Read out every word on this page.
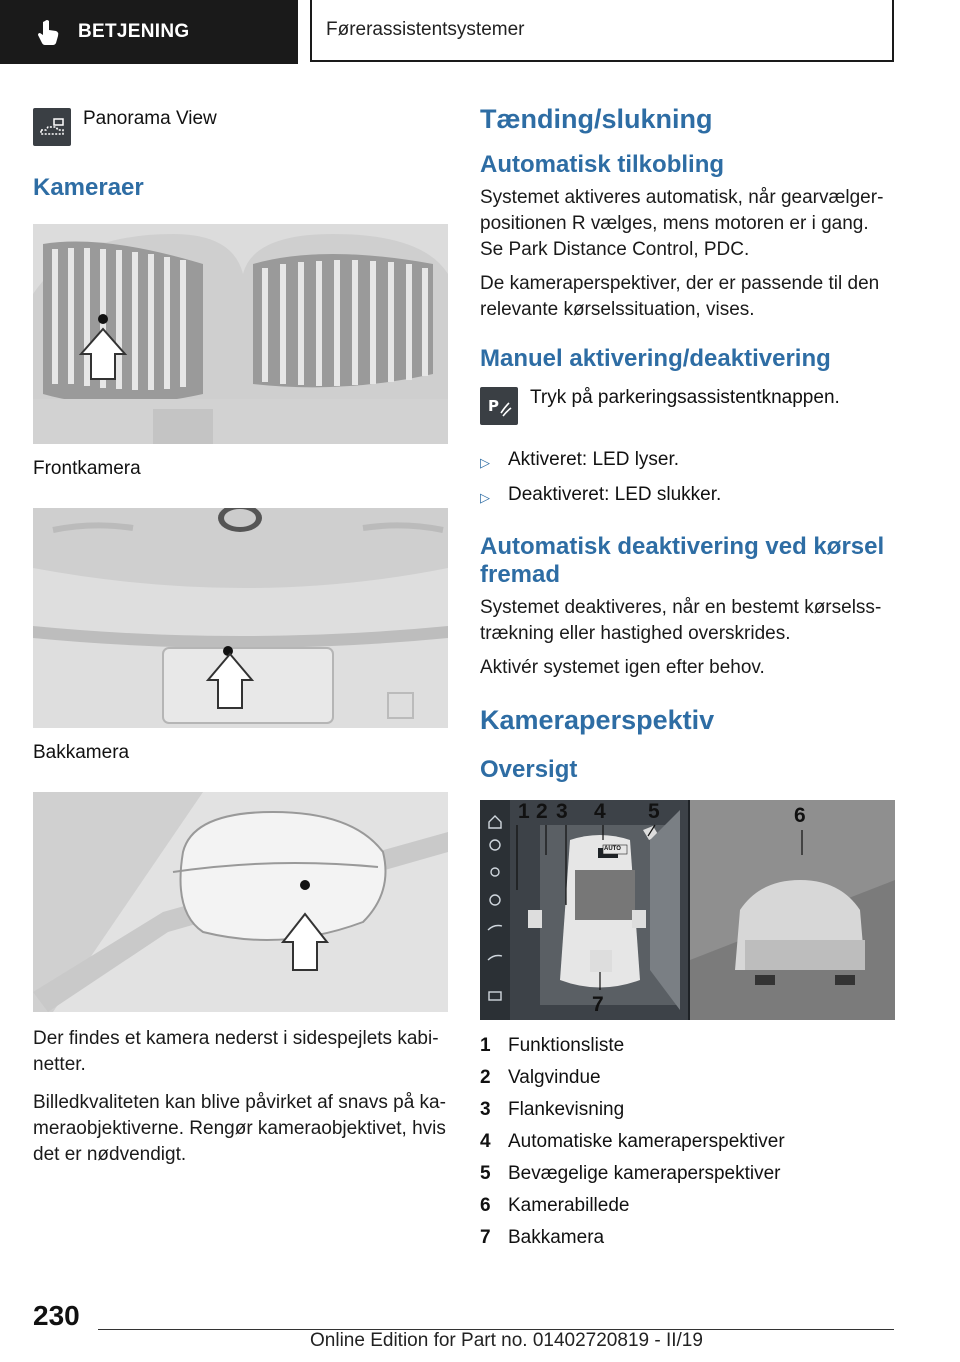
BETJENING	Førerassistentsystemer
Panorama View
Kameraer
Frontkamera
Bakkamera

Der findes et kamera nederst i sidespejlets kabinetter.

Billedkvaliteten kan blive påvirket af snavs på kameraobjektiverne. Rengør kameraobjektivet, hvis det er nødvendigt.

Tænding/slukning
Automatisk tilkobling

Systemet aktiveres automatisk, når gearvælgerpositionen R vælges, mens motoren er i gang. Se Park Distance Control, PDC.

De kameraperspektiver, der er passende til den relevante kørselssituation, vises.

Manuel aktivering/deaktivering
P Tryk på parkeringsassistentknappen.
▷ Aktiveret: LED lyser.
▷ Deaktiveret: LED slukker.
Automatisk deaktivering ved kørsel fremad

Systemet deaktiveres, når en bestemt kørselsstrækning eller hastighed overskrides.

Aktivér systemet igen efter behov.

Kameraperspektiv
Oversigt
1 2 3 4 5	6
7
AUTO
1 Funktionsliste
2 Valgvindue
3 Flankevisning
4 Automatiske kameraperspektiver
5 Bevægelige kameraperspektiver
6 Kamerabillede
7 Bakkamera
230
Online Edition for Part no. 01402720819 - II/19
